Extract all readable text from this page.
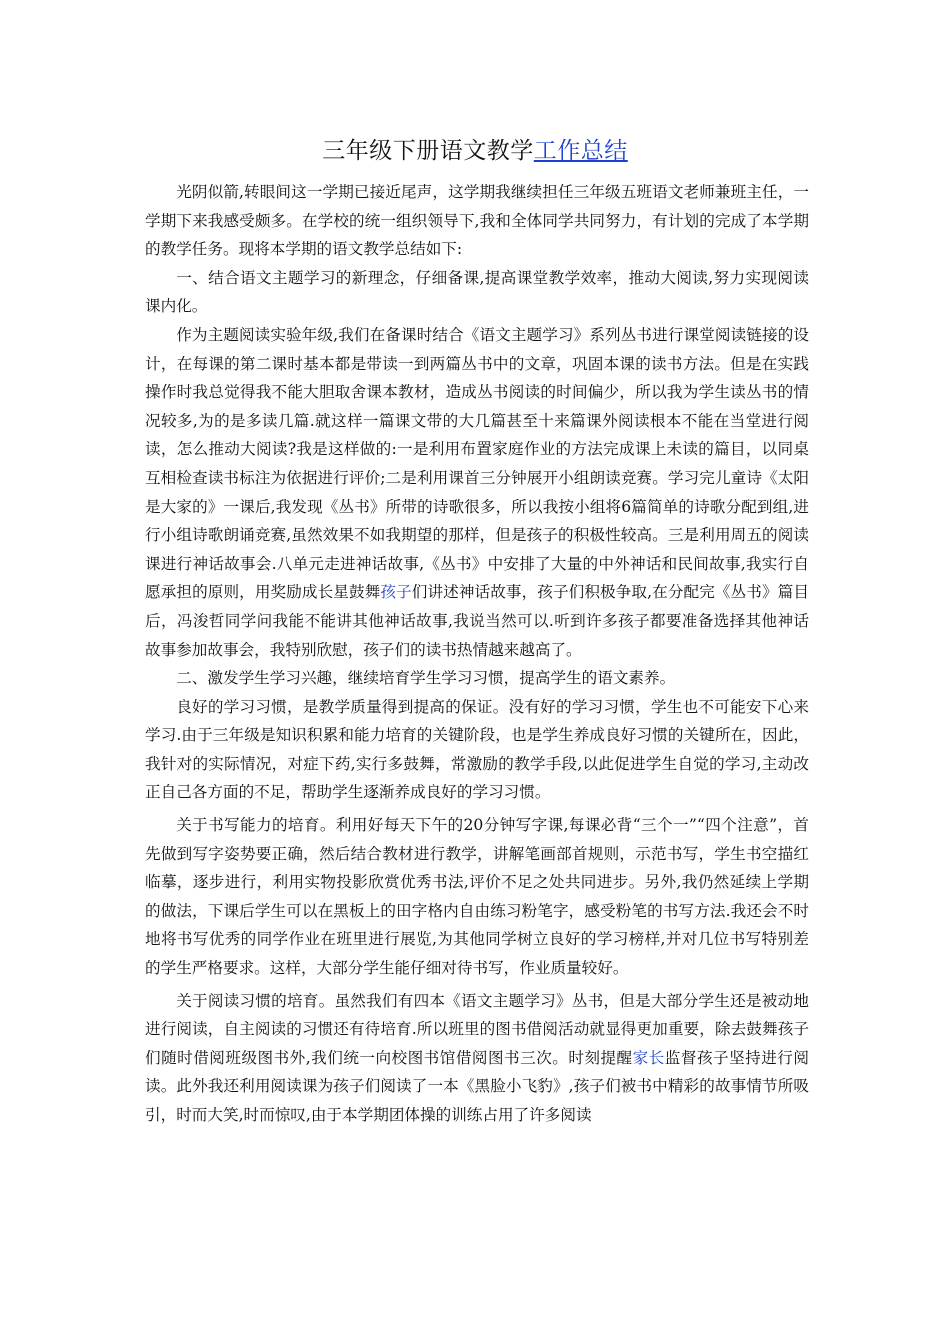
三年级下册语文教学工作总结

光阴似箭,转眼间这一学期已接近尾声，这学期我继续担任三年级五班语文老师兼班主任，一学期下来我感受颇多。在学校的统一组织领导下,我和全体同学共同努力，有计划的完成了本学期的教学任务。现将本学期的语文教学总结如下:

一、结合语文主题学习的新理念，仔细备课,提高课堂教学效率，推动大阅读,努力实现阅读课内化。

作为主题阅读实验年级,我们在备课时结合《语文主题学习》系列丛书进行课堂阅读链接的设计，在每课的第二课时基本都是带读一到两篇丛书中的文章，巩固本课的读书方法。但是在实践操作时我总觉得我不能大胆取舍课本教材，造成丛书阅读的时间偏少，所以我为学生读丛书的情况较多,为的是多读几篇.就这样一篇课文带的大几篇甚至十来篇课外阅读根本不能在当堂进行阅读，怎么推动大阅读?我是这样做的:一是利用布置家庭作业的方法完成课上未读的篇目，以同桌互相检查读书标注为依据进行评价;二是利用课首三分钟展开小组朗读竞赛。学习完儿童诗《太阳是大家的》一课后,我发现《丛书》所带的诗歌很多，所以我按小组将6篇简单的诗歌分配到组,进行小组诗歌朗诵竞赛,虽然效果不如我期望的那样，但是孩子的积极性较高。三是利用周五的阅读课进行神话故事会.八单元走进神话故事,《丛书》中安排了大量的中外神话和民间故事,我实行自愿承担的原则，用奖励成长星鼓舞孩子们讲述神话故事，孩子们积极争取,在分配完《丛书》篇目后，冯浚哲同学问我能不能讲其他神话故事,我说当然可以.听到许多孩子都要准备选择其他神话故事参加故事会，我特别欣慰，孩子们的读书热情越来越高了。

二、激发学生学习兴趣，继续培育学生学习习惯，提高学生的语文素养。

良好的学习习惯，是教学质量得到提高的保证。没有好的学习习惯，学生也不可能安下心来学习.由于三年级是知识积累和能力培育的关键阶段，也是学生养成良好习惯的关键所在，因此，我针对的实际情况，对症下药,实行多鼓舞，常激励的教学手段,以此促进学生自觉的学习,主动改正自己各方面的不足，帮助学生逐渐养成良好的学习习惯。

关于书写能力的培育。利用好每天下午的20分钟写字课,每课必背“三个一”“四个注意”，首先做到写字姿势要正确，然后结合教材进行教学，讲解笔画部首规则，示范书写，学生书空描红临摹，逐步进行，利用实物投影欣赏优秀书法,评价不足之处共同进步。另外,我仍然延续上学期的做法，下课后学生可以在黑板上的田字格内自由练习粉笔字，感受粉笔的书写方法.我还会不时地将书写优秀的同学作业在班里进行展览,为其他同学树立良好的学习榜样,并对几位书写特别差的学生严格要求。这样，大部分学生能仔细对待书写，作业质量较好。

关于阅读习惯的培育。虽然我们有四本《语文主题学习》丛书，但是大部分学生还是被动地进行阅读，自主阅读的习惯还有待培育.所以班里的图书借阅活动就显得更加重要，除去鼓舞孩子们随时借阅班级图书外,我们统一向校图书馆借阅图书三次。时刻提醒家长监督孩子坚持进行阅读。此外我还利用阅读课为孩子们阅读了一本《黑脸小飞豹》,孩子们被书中精彩的故事情节所吸引，时而大笑,时而惊叹,由于本学期团体操的训练占用了许多阅读
